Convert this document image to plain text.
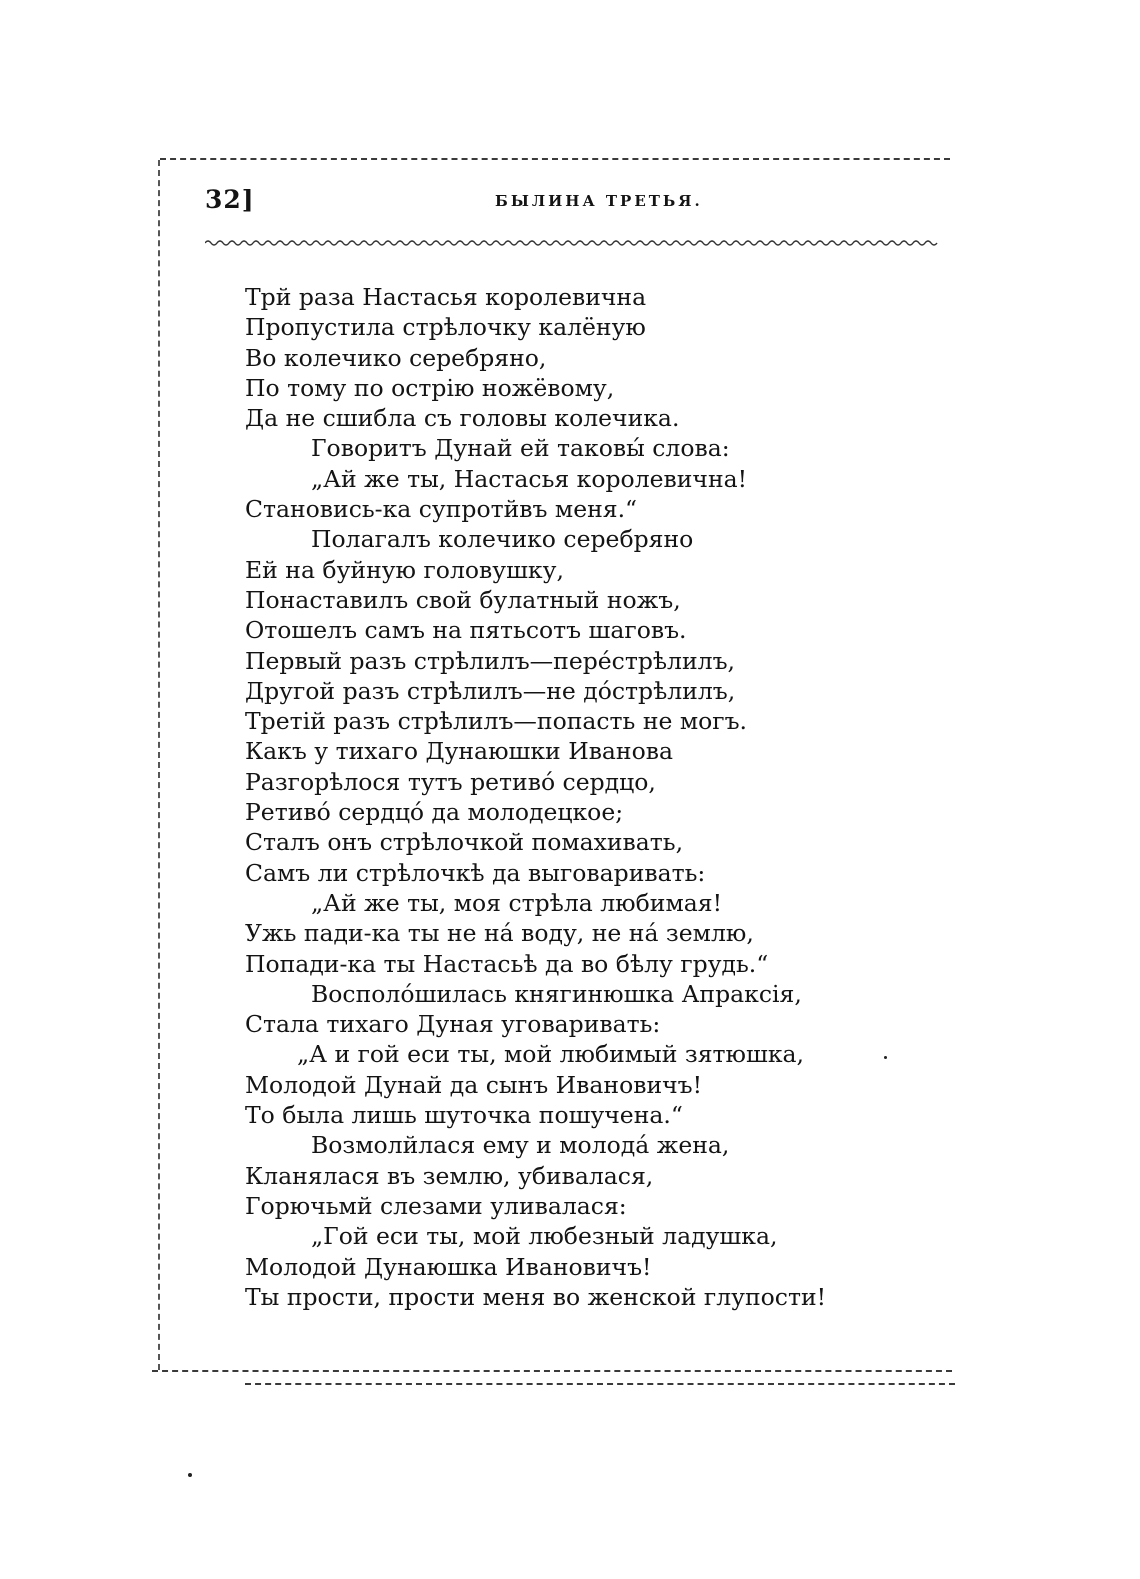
32]	БЫЛИНА ТРЕТЬЯ.
Трй раза Настасья королевична
Пропустила стрѣлочку калёную
Во колечико серебряно,
По тому по острію ножёвому,
Да не сшибла съ головы колечика.
Говоритъ Дунай ей таковы́ слова:
„Ай же ты, Настасья королевична!
Становись-ка супротйвъ меня.“
Полагалъ колечико серебряно
Ей на буйную головушку,
Понаставилъ свой булатный ножъ,
Отошелъ самъ на пятьсотъ шаговъ.
Первый разъ стрѣлилъ—перéстрѣлилъ,
Другой разъ стрѣлилъ—не дóстрѣлилъ,
Третій разъ стрѣлилъ—попасть не могъ.
Какъ у тихаго Дунаюшки Иванова
Разгорѣлося тутъ ретивó сердцо,
Ретивó сердцó да молодецкое;
Сталъ онъ стрѣлочкой помахивать,
Самъ ли стрѣлочкѣ да выговаривать:
„Ай же ты, моя стрѣла любимая!
Ужь пади-ка ты не нá воду, не нá землю,
Попади-ка ты Настасьѣ да во бѣлу грудь.“
Восполóшилась княгинюшка Апраксія,
Стала тихаго Дуная уговаривать:
„А и гой еси ты, мой любимый зятюшка,
Молодой Дунай да сынъ Ивановичъ!
То была лишь шуточка пошучена.“
Возмолйлася ему и молодá жена,
Кланялася въ землю, убивалася,
Горючьмй слезами уливалася:
„Гой еси ты, мой любезный ладушка,
Молодой Дунаюшка Ивановичъ!
Ты прости, прости меня во женской глупости!
